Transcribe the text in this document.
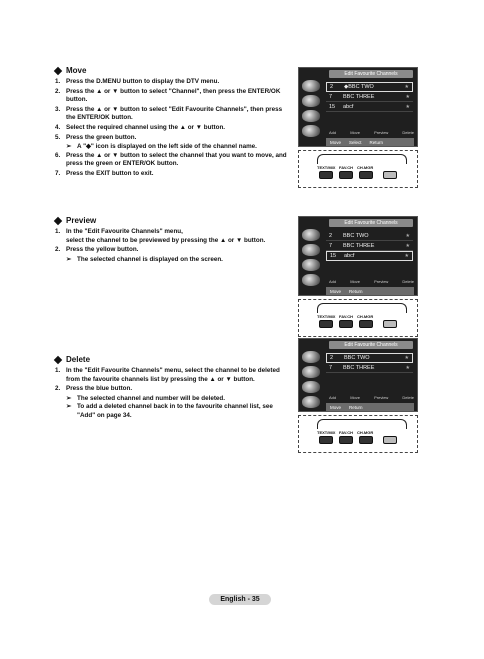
Move
1. Press the D.MENU button to display the DTV menu.
2. Press the ▲ or ▼ button to select "Channel", then press the ENTER/OK button.
3. Press the ▲ or ▼ button to select "Edit Favourite Channels", then press the ENTER/OK button.
4. Select the required channel using the ▲ or ▼ button.
5. Press the green button.
➢ A "◆" icon is displayed on the left side of the channel name.
6. Press the ▲ or ▼ button to select the channel that you want to move, and press the green or ENTER/OK button.
7. Press the EXIT button to exit.
Preview
1. In the "Edit Favourite Channels" menu,
select the channel to be previewed by pressing the ▲ or ▼ button.
2. Press the yellow button.
➢ The selected channel is displayed on the screen.
Delete
1. In the "Edit Favourite Channels" menu, select the channel to be deleted from the favourite channels list by pressing the ▲ or ▼ button.
2. Press the blue button.
➢ The selected channel and number will be deleted.
➢ To add a deleted channel back in to the favourite channel list, see "Add" on page 34.
Edit Favourite Channels
2	◆BBC TWO	★
7	BBC THREE	★
15	abcf	★
Add	Move	Preview	Delete
Move Select Return
TEXT/MIX FAV.CH CH.MGR
Edit Favourite Channels
2	BBC TWO	★
7	BBC THREE	★
15	abcf	★
Add	Move	Preview	Delete
Move Return
TEXT/MIX FAV.CH CH.MGR
Edit Favourite Channels
2	BBC TWO	★
7	BBC THREE	★
Add	Move	Preview	Delete
Move Return
TEXT/MIX FAV.CH CH.MGR
English - 35
